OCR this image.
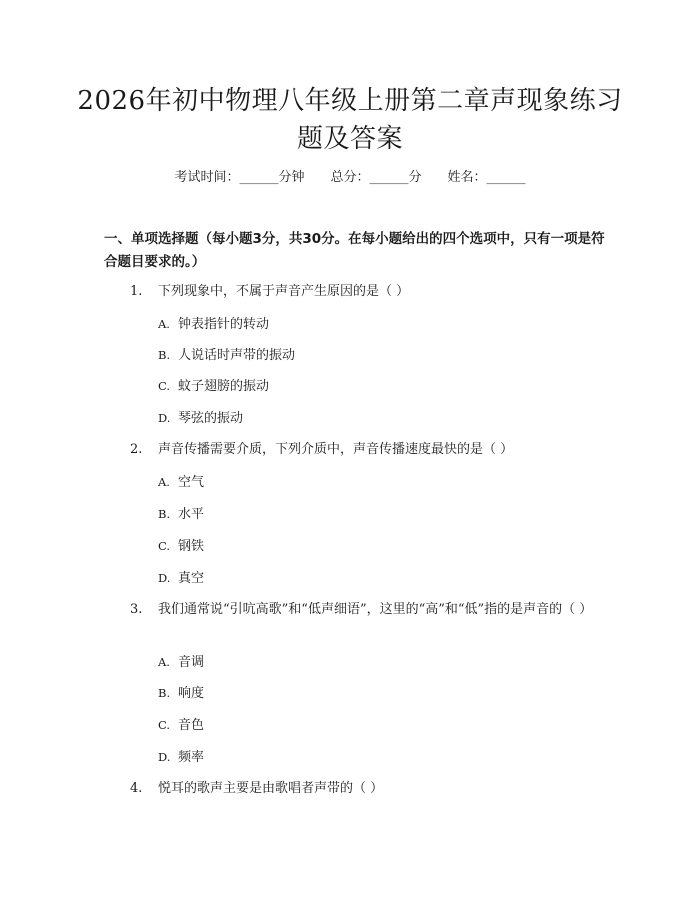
2026年初中物理八年级上册第二章声现象练习题及答案
考试时间：______分钟 总分：______分 姓名：______
一、单项选择题（每小题3分，共30分。在每小题给出的四个选项中，只有一项是符合题目要求的。）
1. 下列现象中，不属于声音产生原因的是（ ）
A. 钟表指针的转动
B. 人说话时声带的振动
C. 蚊子翅膀的振动
D. 琴弦的振动
2. 声音传播需要介质，下列介质中，声音传播速度最快的是（ ）
A. 空气
B. 水平
C. 钢铁
D. 真空
3. 我们通常说“引吭高歌”和“低声细语”，这里的“高”和“低”指的是声音的（ ）
A. 音调
B. 响度
C. 音色
D. 频率
4. 悦耳的歌声主要是由歌唱者声带的（ ）
